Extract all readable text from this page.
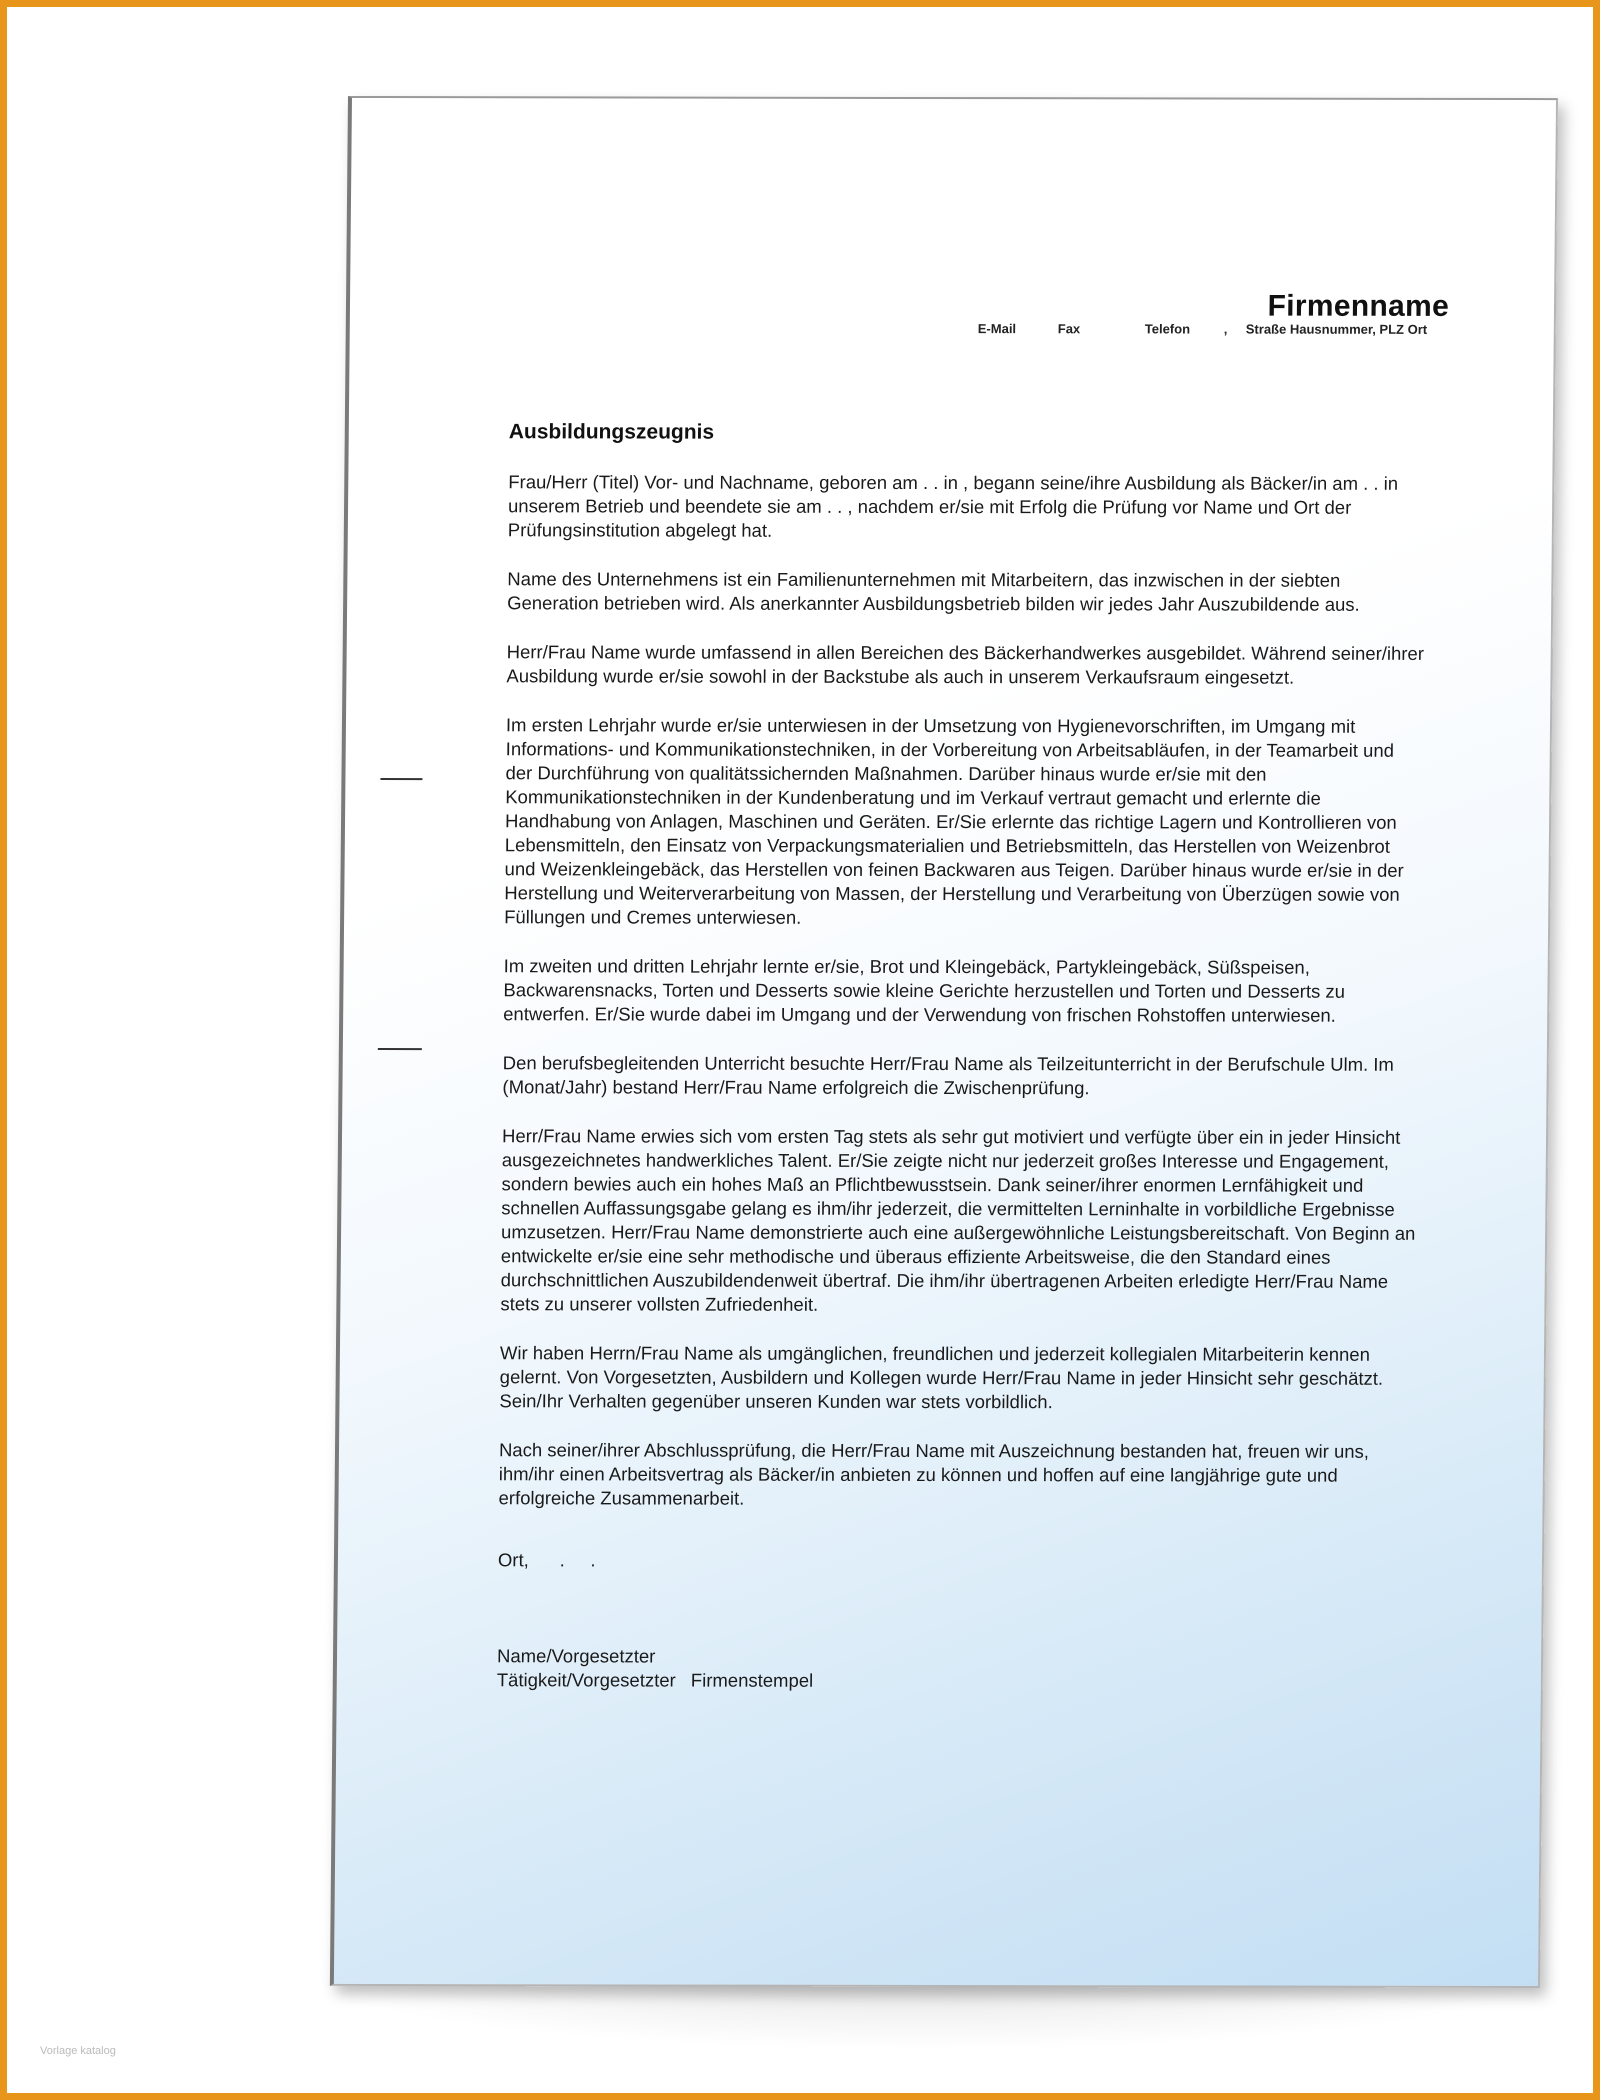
Firmenname
E-Mail	Fax	Telefon	, Straße Hausnummer, PLZ Ort
Ausbildungszeugnis

Frau/Herr (Titel) Vor- und Nachname, geboren am . . in , begann seine/ihre Ausbildung als Bäcker/in am . . in unserem Betrieb und beendete sie am . . , nachdem er/sie mit Erfolg die Prüfung vor Name und Ort der Prüfungsinstitution abgelegt hat.

Name des Unternehmens ist ein Familienunternehmen mit Mitarbeitern, das inzwischen in der siebten Generation betrieben wird. Als anerkannter Ausbildungsbetrieb bilden wir jedes Jahr Auszubildende aus.

Herr/Frau Name wurde umfassend in allen Bereichen des Bäckerhandwerkes ausgebildet. Während seiner/ihrer Ausbildung wurde er/sie sowohl in der Backstube als auch in unserem Verkaufsraum eingesetzt.

Im ersten Lehrjahr wurde er/sie unterwiesen in der Umsetzung von Hygienevorschriften, im Umgang mit Informations- und Kommunikationstechniken, in der Vorbereitung von Arbeitsabläufen, in der Teamarbeit und der Durchführung von qualitätssichernden Maßnahmen. Darüber hinaus wurde er/sie mit den Kommunikationstechniken in der Kundenberatung und im Verkauf vertraut gemacht und erlernte die Handhabung von Anlagen, Maschinen und Geräten. Er/Sie erlernte das richtige Lagern und Kontrollieren von Lebensmitteln, den Einsatz von Verpackungsmaterialien und Betriebsmitteln, das Herstellen von Weizenbrot und Weizenkleingebäck, das Herstellen von feinen Backwaren aus Teigen. Darüber hinaus wurde er/sie in der Herstellung und Weiterverarbeitung von Massen, der Herstellung und Verarbeitung von Überzügen sowie von Füllungen und Cremes unterwiesen.

Im zweiten und dritten Lehrjahr lernte er/sie, Brot und Kleingebäck, Partykleingebäck, Süßspeisen, Backwarensnacks, Torten und Desserts sowie kleine Gerichte herzustellen und Torten und Desserts zu entwerfen. Er/Sie wurde dabei im Umgang und der Verwendung von frischen Rohstoffen unterwiesen.

Den berufsbegleitenden Unterricht besuchte Herr/Frau Name als Teilzeitunterricht in der Berufschule Ulm. Im (Monat/Jahr) bestand Herr/Frau Name erfolgreich die Zwischenprüfung.

Herr/Frau Name erwies sich vom ersten Tag stets als sehr gut motiviert und verfügte über ein in jeder Hinsicht ausgezeichnetes handwerkliches Talent. Er/Sie zeigte nicht nur jederzeit großes Interesse und Engagement, sondern bewies auch ein hohes Maß an Pflichtbewusstsein. Dank seiner/ihrer enormen Lernfähigkeit und schnellen Auffassungsgabe gelang es ihm/ihr jederzeit, die vermittelten Lerninhalte in vorbildliche Ergebnisse umzusetzen. Herr/Frau Name demonstrierte auch eine außergewöhnliche Leistungsbereitschaft. Von Beginn an entwickelte er/sie eine sehr methodische und überaus effiziente Arbeitsweise, die den Standard eines durchschnittlichen Auszubildendenweit übertraf. Die ihm/ihr übertragenen Arbeiten erledigte Herr/Frau Name stets zu unserer vollsten Zufriedenheit.

Wir haben Herrn/Frau Name als umgänglichen, freundlichen und jederzeit kollegialen Mitarbeiterin kennen gelernt. Von Vorgesetzten, Ausbildern und Kollegen wurde Herr/Frau Name in jeder Hinsicht sehr geschätzt. Sein/Ihr Verhalten gegenüber unseren Kunden war stets vorbildlich.

Nach seiner/ihrer Abschlussprüfung, die Herr/Frau Name mit Auszeichnung bestanden hat, freuen wir uns, ihm/ihr einen Arbeitsvertrag als Bäcker/in anbieten zu können und hoffen auf eine langjährige gute und erfolgreiche Zusammenarbeit.

Ort,      .     .
Name/Vorgesetzter
Tätigkeit/Vorgesetzter Firmenstempel
Vorlage katalog
